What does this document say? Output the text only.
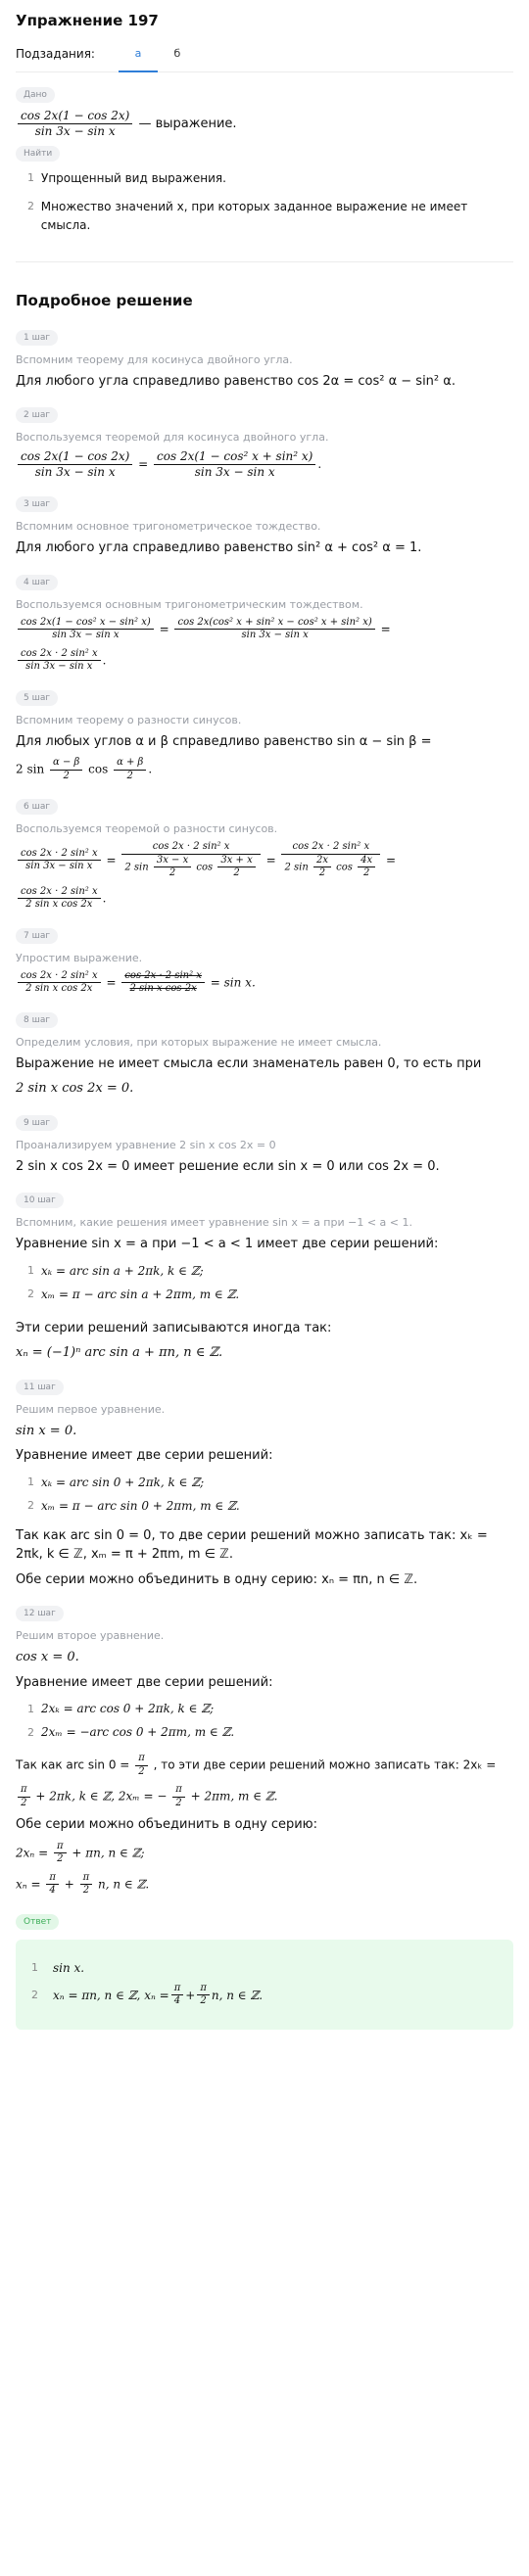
Упражнение 197
Подзадания:	а	б
Дано
$\frac{\cos 2x(1 - \cos 2x)}{\text{sin 3x − sin x}}$ — выражение.
Найти
1 Упрощенный вид выражения.
2 Множество значений x, при которых заданное выражение не имеет смысла.
Подробное решение
1 шаг
Вспомним теорему для косинуса двойного угла.
Для любого угла справедливо равенство cos 2α = cos² α − sin² α.
2 шаг
Воспользуемся теоремой для косинуса двойного угла.
$\frac{\cos 2x(1 - \cos 2x)}{\text{sin 3x − sin x}} = \frac{\text{cos 2x(1 − cos² x + sin² x)}}{\text{sin 3x − sin x}}$ .
3 шаг
Вспомним основное тригонометрическое тождество.
Для любого угла справедливо равенство sin² α + cos² α = 1.
4 шаг
Воспользуемся основным тригонометрическим тождеством.
$\frac{\text{cos 2x(1 − cos² x − sin² x)}}{\text{sin 3x − sin x}} = \frac{\text{cos 2x(cos² x + sin² x − cos² x + sin² x)}}{\text{sin 3x − sin x}}$ =
$\frac{\text{cos 2x · 2 sin² x}}{\text{sin 3x − sin x}}$ .
5 шаг
Вспомним теорему о разности синусов.
Для любых углов α и β справедливо равенство sin α − sin β =
2 $\sin \frac{\alpha - \beta}{2}$ $\cos \frac{\alpha + \beta}{2}$ .
6 шаг
Воспользуемся теоремой о разности синусов.
$\frac{\text{cos 2x · 2 sin² x}}{\text{sin 3x − sin x}} = \frac{\text{cos 2x · 2 sin² x}}{2 \sin \frac{3x - x}{2} \cos \frac{3x + x}{2}} = \frac{\text{cos 2x · 2 sin² x}}{2 \sin \frac{2x}{2} \cos \frac{4x}{2}}$ =
$\frac{\text{cos 2x · 2 sin² x}}{\text{2 sin x cos 2x}}$ .
7 шаг
Упростим выражение.
$\frac{\text{cos 2x · 2 sin² x}}{\text{2 sin x cos 2x}} = \frac{\text{cos 2x · 2 sin² x}}{\text{2 sin x cos 2x}} = \sin x$.
8 шаг
Определим условия, при которых выражение не имеет смысла.
Выражение не имеет смысла если знаменатель равен 0, то есть при
2 sin x cos 2x = 0.
9 шаг
Проанализируем уравнение 2 sin x cos 2x = 0
2 sin x cos 2x = 0 имеет решение если sin x = 0 или cos 2x = 0.
10 шаг
Вспомним, какие решения имеет уравнение sin x = a при −1 < a < 1.
Уравнение sin x = a при −1 < a < 1 имеет две серии решений:
1 xₖ = arc sin a + 2πk, k ∈ ℤ;
2 xₘ = π − arc sin a + 2πm, m ∈ ℤ.
Эти серии решений записываются иногда так:
xₙ = (−1)ⁿ arc sin a + πn, n ∈ ℤ.
11 шаг
Решим первое уравнение.
sin x = 0.
Уравнение имеет две серии решений:
1 xₖ = arc sin 0 + 2πk, k ∈ ℤ;
2 xₘ = π − arc sin 0 + 2πm, m ∈ ℤ.
Так как arc sin 0 = 0, то две серии решений можно записать так: xₖ = 2πk, k ∈ ℤ, xₘ = π + 2πm, m ∈ ℤ.
Обе серии можно объединить в одну серию: xₙ = πn, n ∈ ℤ.
12 шаг
Решим второе уравнение.
cos x = 0.
Уравнение имеет две серии решений:
1 2xₖ = arc cos 0 + 2πk, k ∈ ℤ;
2 2xₘ = −arc cos 0 + 2πm, m ∈ ℤ.
Так как arc $\sin 0 = \frac{\pi}{2}$ , то эти две серии решений можно записать так: 2xₖ =
$\frac{\pi}{2} + 2\pi k$, k ∈ ℤ, 2xₘ = − $\frac{\pi}{2} + 2\pi m$, m ∈ ℤ.
Обе серии можно объединить в одну серию:
$2x_n = \frac{\pi}{2} + \pi n$, n ∈ ℤ;
$x_n = \frac{\pi}{4} + \frac{\pi}{2} n$, n ∈ ℤ.
Ответ
1	sin x.
2	xₙ = πn, n ∈ ℤ, $x_n = \frac{\pi}{4} + \frac{\pi}{2} n$, n ∈ ℤ.
